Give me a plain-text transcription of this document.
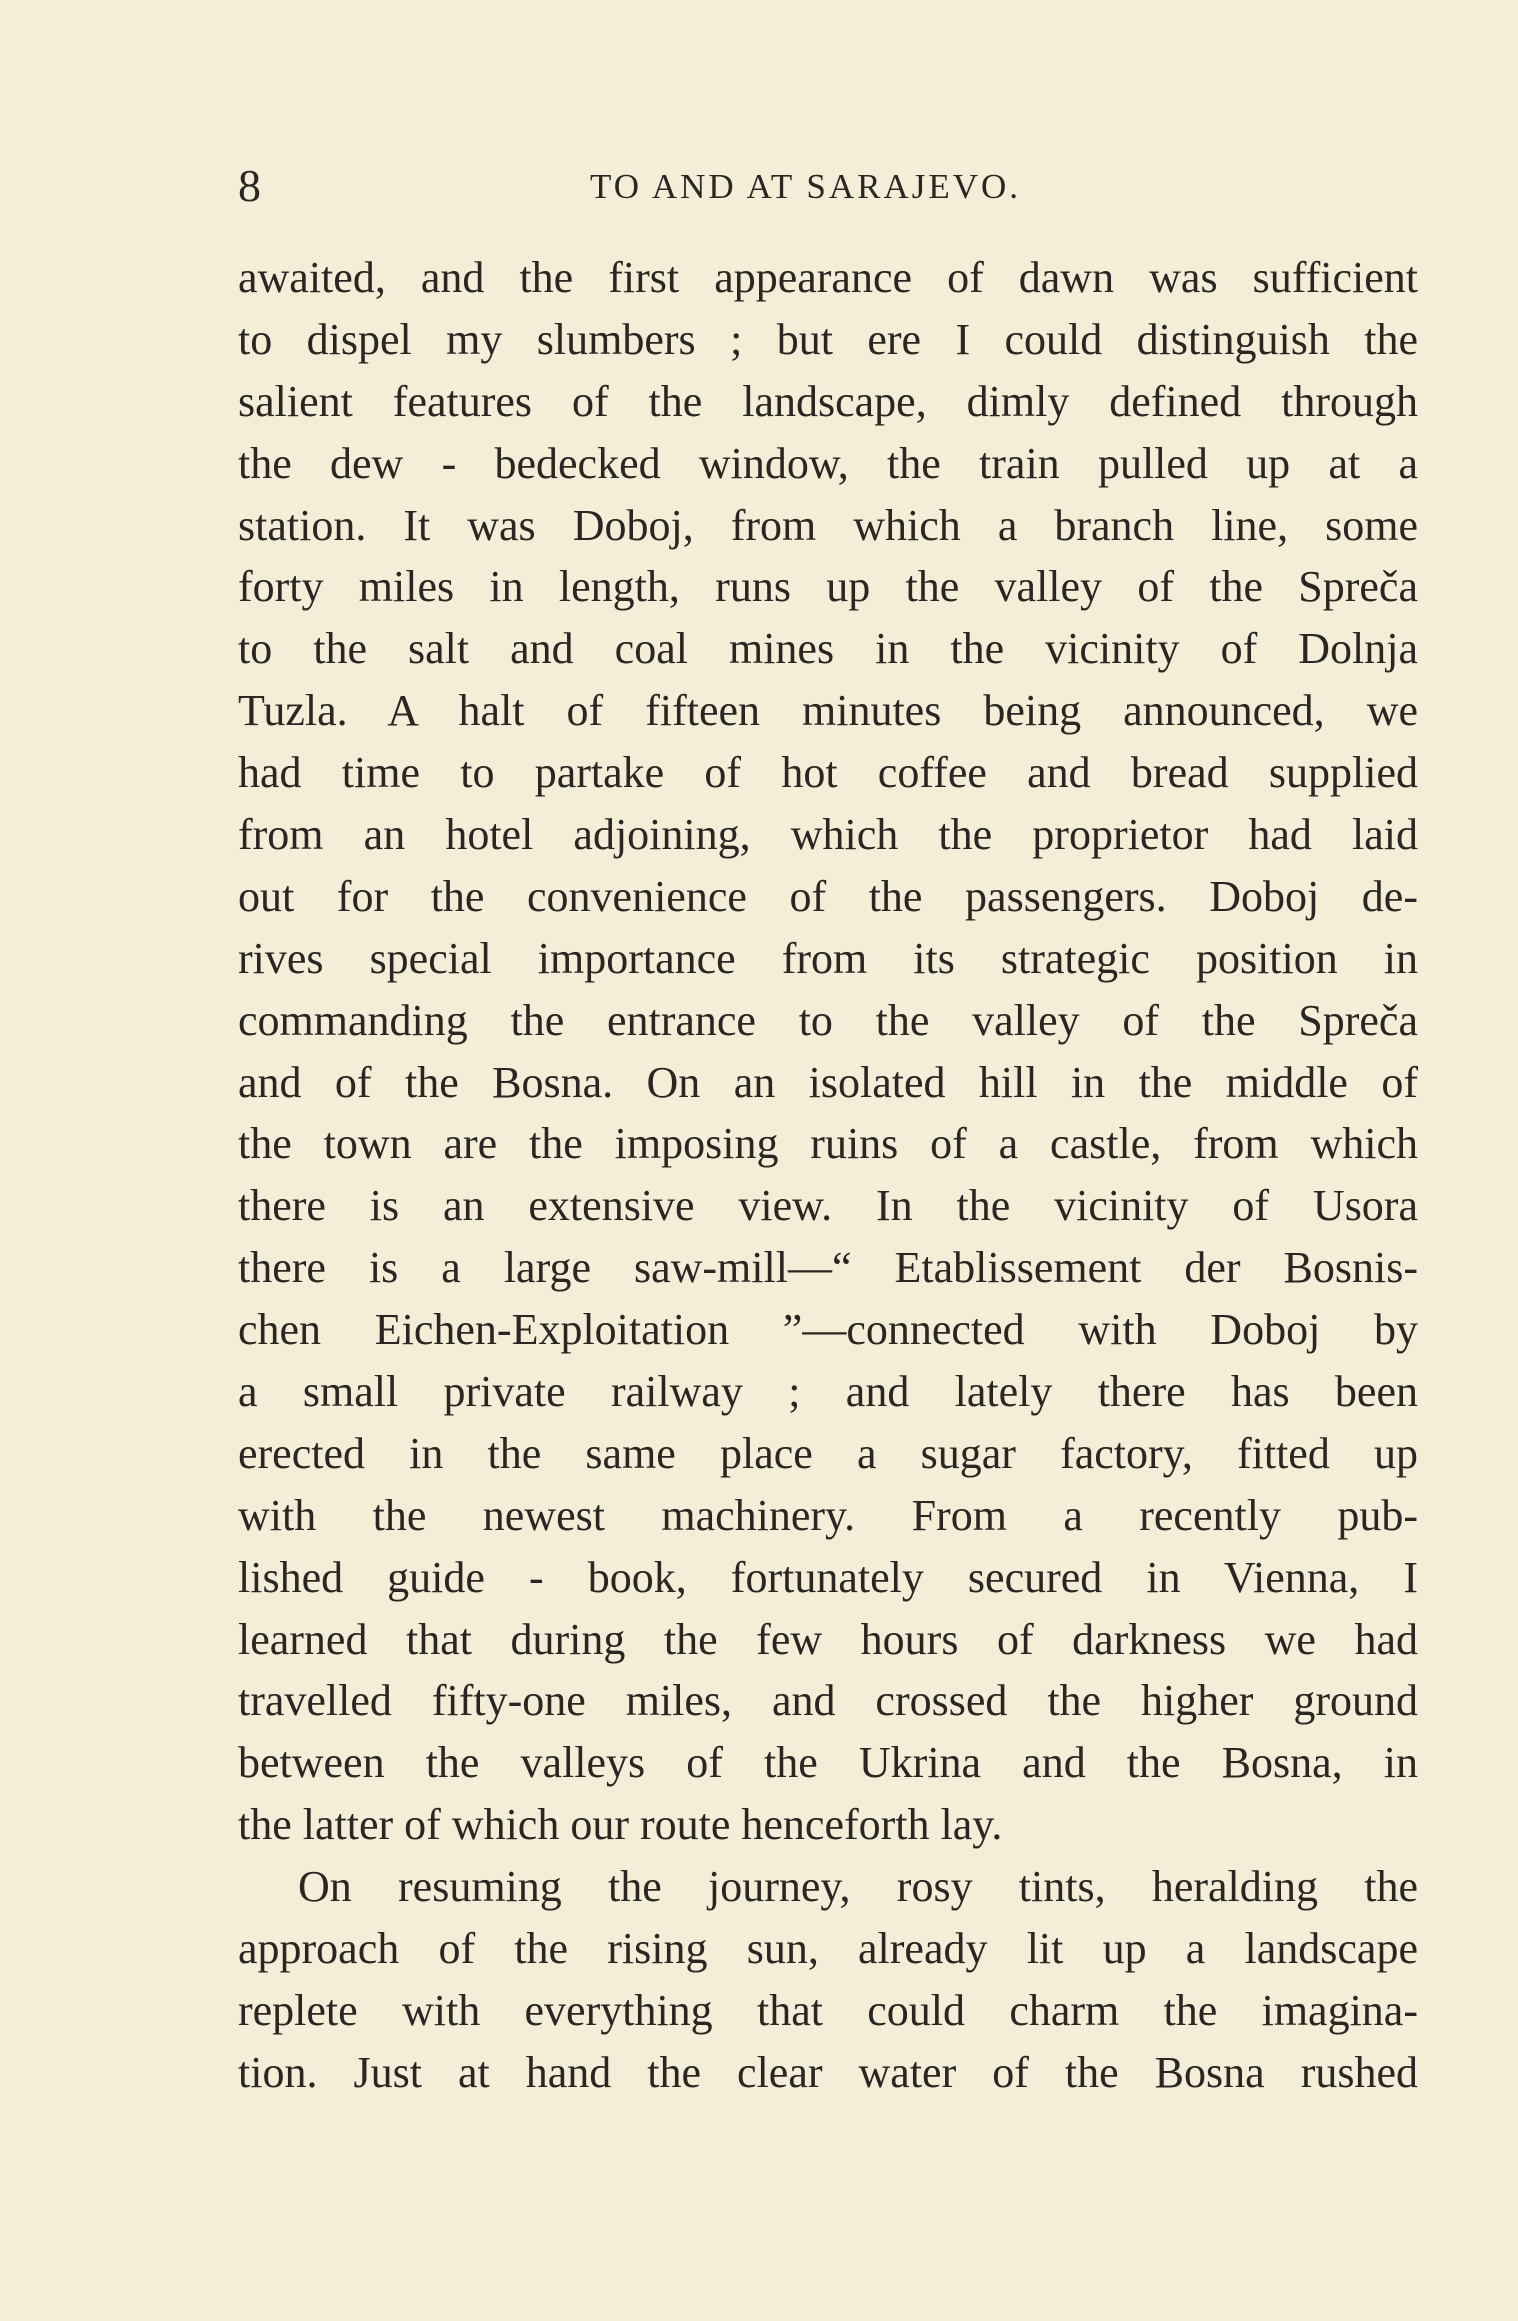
8	TO AND AT SARAJEVO.
awaited, and the first appearance of dawn was sufficient
to dispel my slumbers ; but ere I could distinguish the
salient features of the landscape, dimly defined through
the dew - bedecked window, the train pulled up at a
station. It was Doboj, from which a branch line, some
forty miles in length, runs up the valley of the Spreča
to the salt and coal mines in the vicinity of Dolnja
Tuzla. A halt of fifteen minutes being announced, we
had time to partake of hot coffee and bread supplied
from an hotel adjoining, which the proprietor had laid
out for the convenience of the passengers. Doboj de-
rives special importance from its strategic position in
commanding the entrance to the valley of the Spreča
and of the Bosna. On an isolated hill in the middle of
the town are the imposing ruins of a castle, from which
there is an extensive view. In the vicinity of Usora
there is a large saw-mill—“ Etablissement der Bosnis-
chen Eichen-Exploitation ”—connected with Doboj by
a small private railway ; and lately there has been
erected in the same place a sugar factory, fitted up
with the newest machinery. From a recently pub-
lished guide - book, fortunately secured in Vienna, I
learned that during the few hours of darkness we had
travelled fifty-one miles, and crossed the higher ground
between the valleys of the Ukrina and the Bosna, in
the latter of which our route henceforth lay.
On resuming the journey, rosy tints, heralding the
approach of the rising sun, already lit up a landscape
replete with everything that could charm the imagina-
tion. Just at hand the clear water of the Bosna rushed
